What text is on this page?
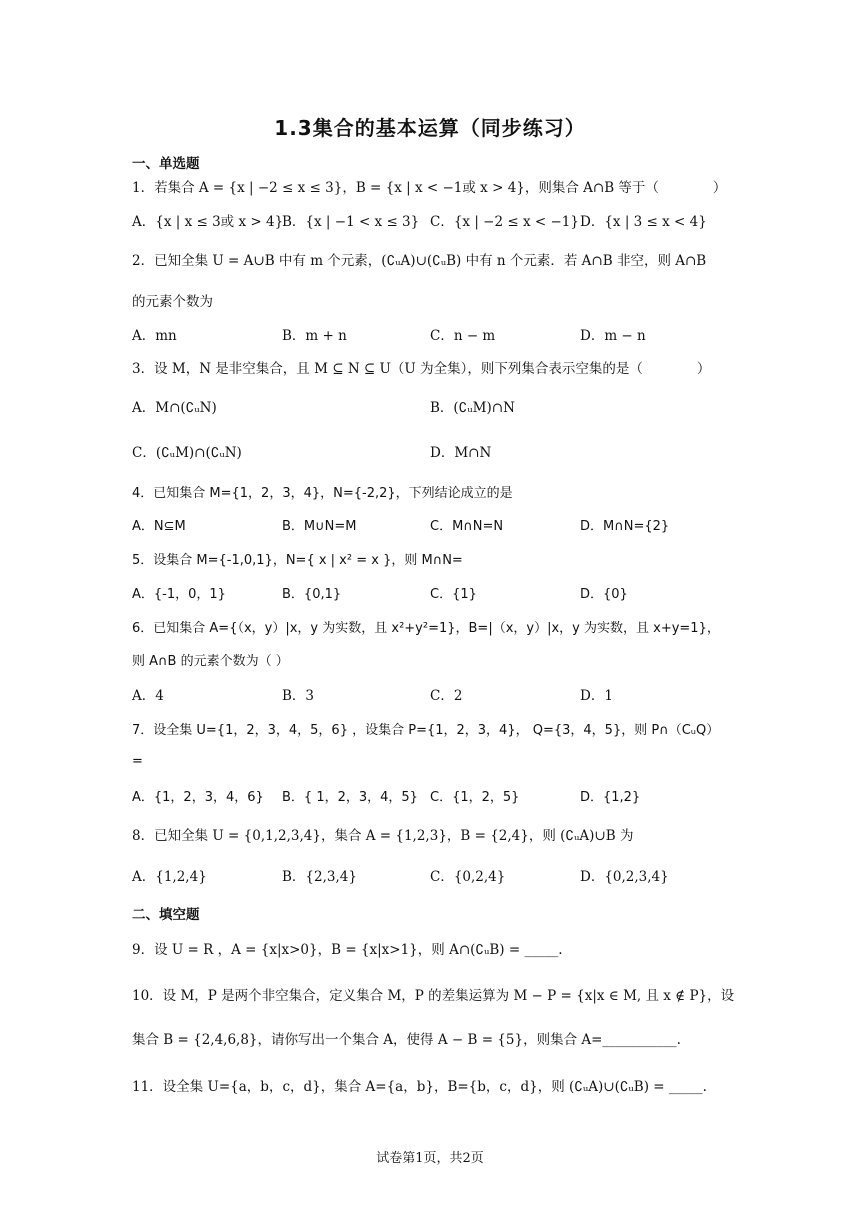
1.3集合的基本运算（同步练习）
一、单选题
1．若集合 A = {x | −2 ≤ x ≤ 3}，B = {x | x < −1或 x > 4}，则集合 A∩B 等于（　　　　）
A．{x | x ≤ 3或 x > 4}
B．{x | −1 < x ≤ 3} C．{x | −2 ≤ x < −1} D．{x | 3 ≤ x < 4}
2．已知全集 U = A∪B 中有 m 个元素，(∁ᵤA)∪(∁ᵤB) 中有 n 个元素．若 A∩B 非空，则 A∩B
的元素个数为
A．mn	B．m + n	C．n − m	D．m − n
3．设 M，N 是非空集合，且 M ⊆ N ⊆ U（U 为全集），则下列集合表示空集的是（　　　　）
A．M∩(∁ᵤN)	B．(∁ᵤM)∩N
C．(∁ᵤM)∩(∁ᵤN)	D．M∩N
4．已知集合 M={1，2，3，4}，N={-2,2}，下列结论成立的是
A．N⊆M	B．M∪N=M	C．M∩N=N	D．M∩N={2}
5．设集合 M={-1,0,1}，N={ x | x² = x }，则 M∩N=
A．{-1，0，1}	B．{0,1}	C．{1}	D．{0}
6．已知集合 A={（x，y）|x，y 为实数，且 x²+y²=1}，B=|（x，y）|x，y 为实数，且 x+y=1}，
则 A∩B 的元素个数为（ ）
A．4	B．3	C．2	D．1
7．设全集 U={1，2，3，4，5，6} ，设集合 P={1，2，3，4}， Q={3，4，5}，则 P∩（CᵤQ）
=
A．{1，2，3，4，6} B．{ 1，2，3，4，5} C．{1，2，5}	D．{1,2}
8．已知全集 U = {0,1,2,3,4}，集合 A = {1,2,3}，B = {2,4}，则 (∁ᵤA)∪B 为
A．{1,2,4}	B．{2,3,4}	C．{0,2,4}	D．{0,2,3,4}
二、填空题
9．设 U = R ，A = {x|x>0}，B = {x|x>1}，则 A∩(∁ᵤB) = _____.
10．设 M，P 是两个非空集合，定义集合 M，P 的差集运算为 M − P = {x|x ∈ M, 且 x ∉ P}，设
集合 B = {2,4,6,8}，请你写出一个集合 A，使得 A − B = {5}，则集合 A=___________.
11．设全集 U={a，b，c，d}，集合 A={a，b}，B={b，c，d}，则 (∁ᵤA)∪(∁ᵤB) = _____.
试卷第1页，共2页
